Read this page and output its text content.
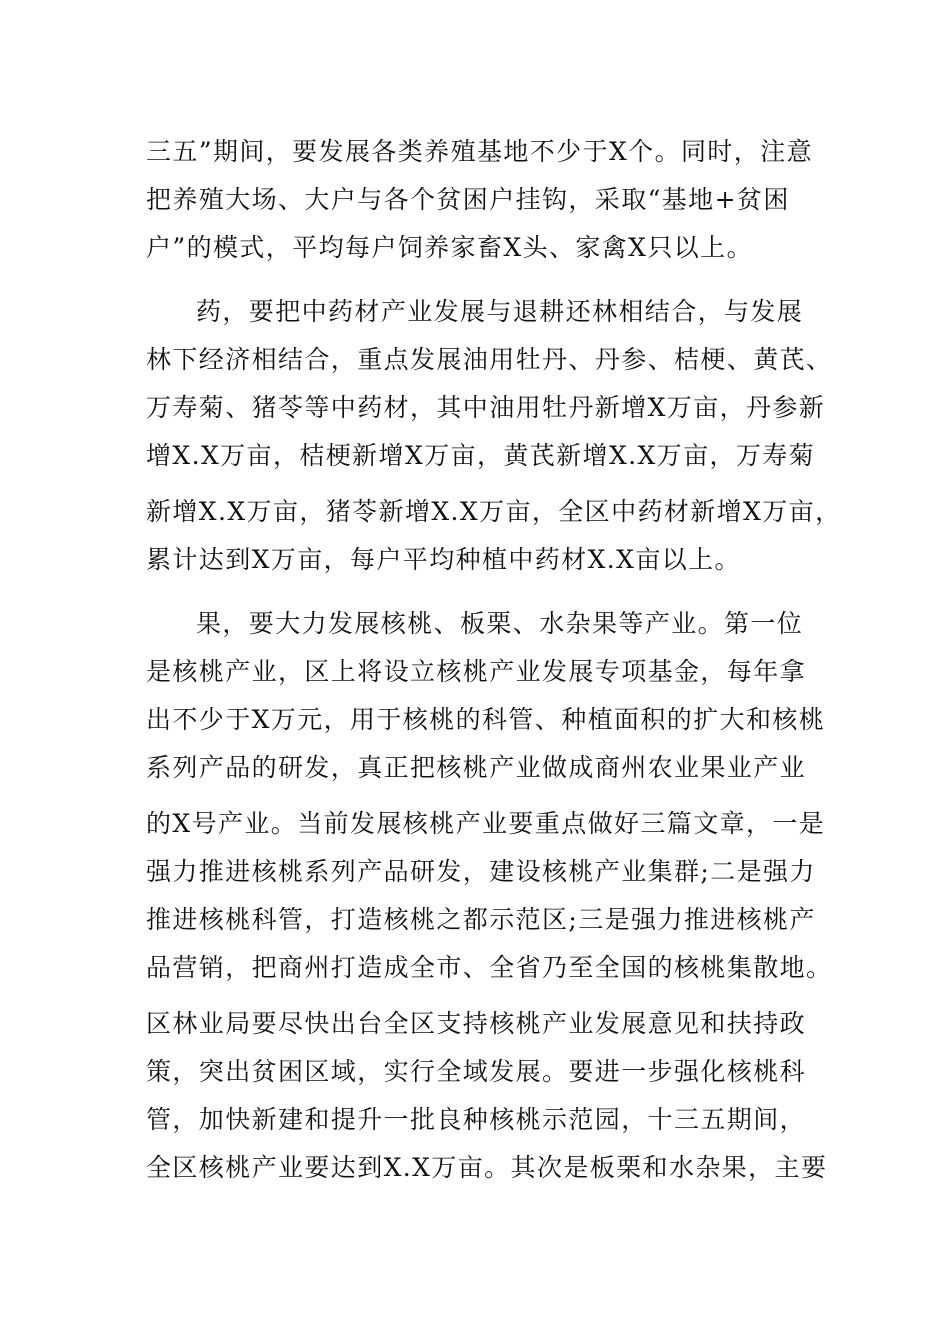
三五”期间，要发展各类养殖基地不少于X个。同时，注意
把养殖大场、大户与各个贫困户挂钩，采取“基地+贫困
户”的模式，平均每户饲养家畜X头、家禽X只以上。
药，要把中药材产业发展与退耕还林相结合，与发展
林下经济相结合，重点发展油用牡丹、丹参、桔梗、黄芪、
万寿菊、猪苓等中药材，其中油用牡丹新增X万亩，丹参新
增X.X万亩，桔梗新增X万亩，黄芪新增X.X万亩，万寿菊
新增X.X万亩，猪苓新增X.X万亩，全区中药材新增X万亩，
累计达到X万亩，每户平均种植中药材X.X亩以上。
果，要大力发展核桃、板栗、水杂果等产业。第一位
是核桃产业，区上将设立核桃产业发展专项基金，每年拿
出不少于X万元，用于核桃的科管、种植面积的扩大和核桃
系列产品的研发，真正把核桃产业做成商州农业果业产业
的X号产业。当前发展核桃产业要重点做好三篇文章，一是
强力推进核桃系列产品研发，建设核桃产业集群;二是强力
推进核桃科管，打造核桃之都示范区;三是强力推进核桃产
品营销，把商州打造成全市、全省乃至全国的核桃集散地。
区林业局要尽快出台全区支持核桃产业发展意见和扶持政
策，突出贫困区域，实行全域发展。要进一步强化核桃科
管，加快新建和提升一批良种核桃示范园，十三五期间，
全区核桃产业要达到X.X万亩。其次是板栗和水杂果，主要
